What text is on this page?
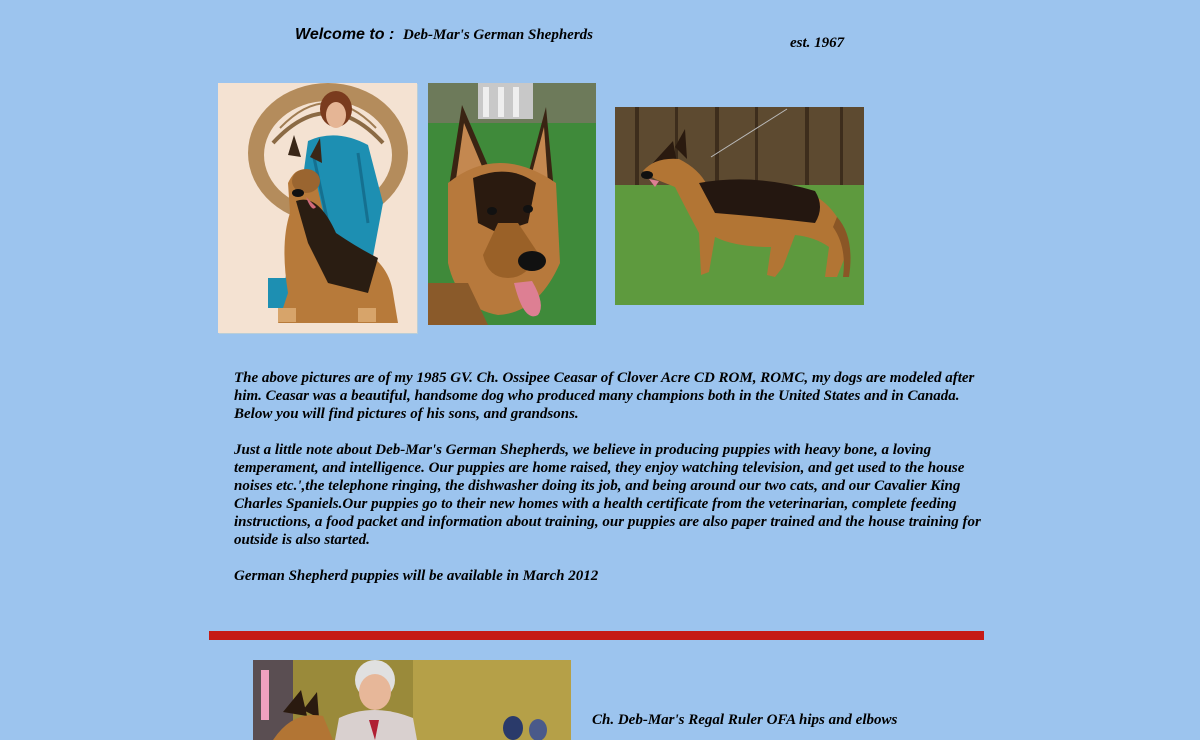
Welcome to : Deb-Mar's German Shepherds	est. 1967

The above pictures are of my 1985 GV. Ch. Ossipee Ceasar of Clover Acre CD ROM, ROMC, my dogs are modeled after him. Ceasar was a beautiful, handsome dog who produced many champions both in the United States and in Canada. Below you will find pictures of his sons, and grandsons.

Just a little note about Deb-Mar's German Shepherds, we believe in producing puppies with heavy bone, a loving temperament, and intelligence. Our puppies are home raised, they enjoy watching television, and get used to the house noises etc.',the telephone ringing, the dishwasher doing its job, and being around our two cats, and our Cavalier King Charles Spaniels.Our puppies go to their new homes with a health certificate from the veterinarian, complete feeding instructions, a food packet and information about training, our puppies are also paper trained and the house training for outside is also started.

German Shepherd puppies will be available in March 2012

Ch. Deb-Mar's Regal Ruler OFA hips and elbows
